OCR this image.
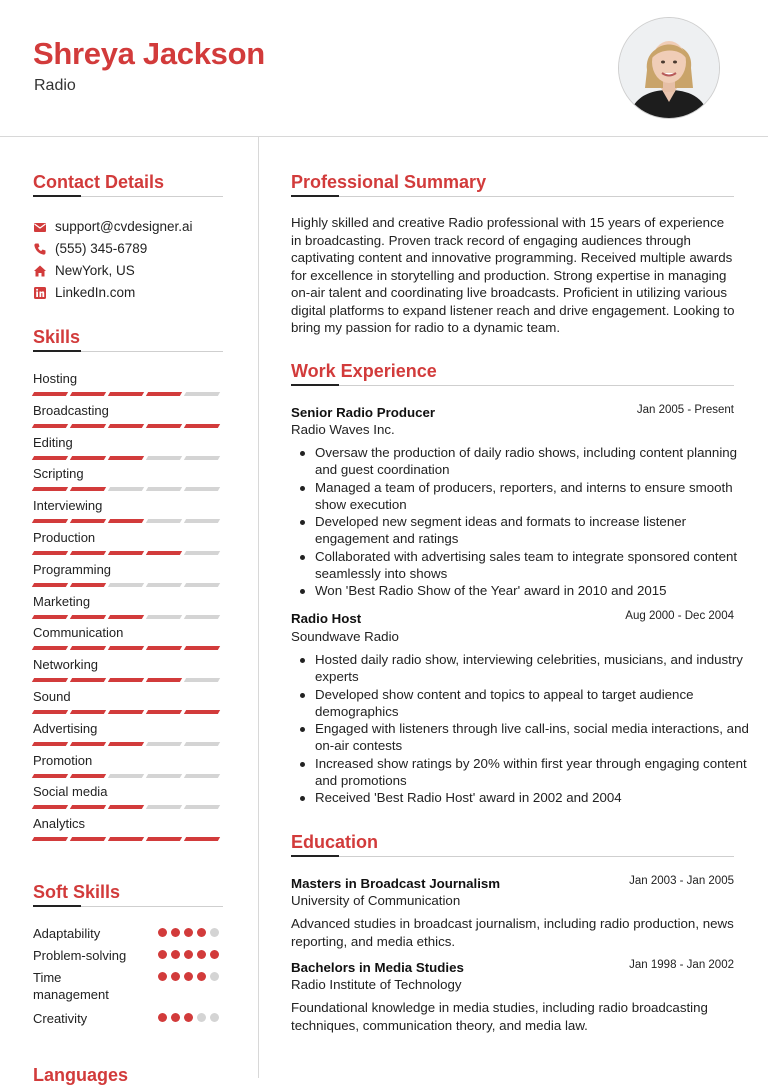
Shreya Jackson
Radio
Contact Details
support@cvdesigner.ai
(555) 345-6789
NewYork, US
LinkedIn.com
Skills
Hosting
Broadcasting
Editing
Scripting
Interviewing
Production
Programming
Marketing
Communication
Networking
Sound
Advertising
Promotion
Social media
Analytics
Soft Skills
Adaptability
Problem-solving
Time management
Creativity
Languages
Professional Summary
Highly skilled and creative Radio professional with 15 years of experience in broadcasting. Proven track record of engaging audiences through captivating content and innovative programming. Received multiple awards for excellence in storytelling and production. Strong expertise in managing on-air talent and coordinating live broadcasts. Proficient in utilizing various digital platforms to expand listener reach and drive engagement. Looking to bring my passion for radio to a dynamic team.
Work Experience
Senior Radio Producer	Jan 2005 - Present
Radio Waves Inc.
Oversaw the production of daily radio shows, including content planning and guest coordination
Managed a team of producers, reporters, and interns to ensure smooth show execution
Developed new segment ideas and formats to increase listener engagement and ratings
Collaborated with advertising sales team to integrate sponsored content seamlessly into shows
Won 'Best Radio Show of the Year' award in 2010 and 2015
Radio Host	Aug 2000 - Dec 2004
Soundwave Radio
Hosted daily radio show, interviewing celebrities, musicians, and industry experts
Developed show content and topics to appeal to target audience demographics
Engaged with listeners through live call-ins, social media interactions, and on-air contests
Increased show ratings by 20% within first year through engaging content and promotions
Received 'Best Radio Host' award in 2002 and 2004
Education
Masters in Broadcast Journalism	Jan 2003 - Jan 2005
University of Communication
Advanced studies in broadcast journalism, including radio production, news reporting, and media ethics.
Bachelors in Media Studies	Jan 1998 - Jan 2002
Radio Institute of Technology
Foundational knowledge in media studies, including radio broadcasting techniques, communication theory, and media law.
